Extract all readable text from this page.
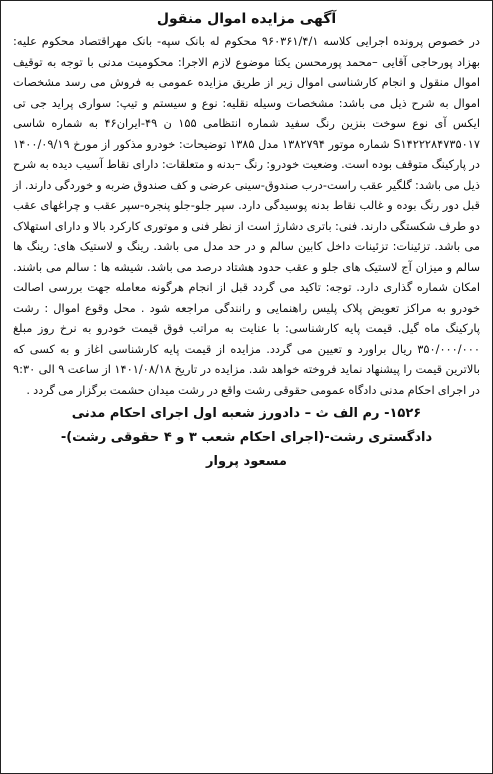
آگهی مزایده اموال منقول
در خصوص پرونده اجرایی کلاسه ۹۶۰۳۶۱/۴/۱ محکوم له بانک سپه- بانک مهراقتصاد محکوم علیه: بهزاد پورحاجی آقایی –محمد پورمحسن یکتا موضوع لازم الاجرا: محکومیت مدنی با توجه به توقیف اموال منقول و انجام کارشناسی اموال زیر از طریق مزایده عمومی به فروش می رسد مشخصات اموال به شرح ذیل می باشد: مشخصات وسیله نقلیه: نوع و سیستم و تیپ: سواری پراید جی تی ایکس آی نوع سوخت بنزین رنگ سفید شماره انتظامی ۱۵۵ ن ۴۹-ایران۴۶ به شماره شاسی S۱۴۲۲۲۸۴۷۳۵۰۱۷ شماره موتور ۱۳۸۲۷۹۴ مدل ۱۳۸۵ توضیحات: خودرو مذکور از مورخ ۱۴۰۰/۰۹/۱۹ در پارکینگ متوقف بوده است. وضعیت خودرو: رنگ –بدنه و متعلقات: دارای نقاط آسیب دیده به شرح ذیل می باشد: گلگیر عقب راست-درب صندوق-سینی عرضی و کف صندوق ضربه و خوردگی دارند. از قبل دور رنگ بوده و غالب نقاط بدنه پوسیدگی دارد. سپر جلو-جلو پنجره-سپر عقب و چراغهای عقب دو طرف شکستگی دارند. فنی: باتری دشارژ است از نظر فنی و موتوری کارکرد بالا و دارای استهلاک می باشد. تزئینات: تزئینات داخل کابین سالم و در حد مدل می باشد. رینگ و لاستیک های: رینگ ها سالم و میزان آج لاستیک های جلو و عقب حدود هشتاد درصد می باشد. شیشه ها : سالم می باشند. امکان شماره گذاری دارد. توجه: تاکید می گردد قبل از انجام هرگونه معامله جهت بررسی اصالت خودرو به مراکز تعویض پلاک پلیس راهنمایی و رانندگی مراجعه شود . محل وقوع اموال : رشت پارکینگ ماه گیل. قیمت پایه کارشناسی: با عنایت به مراتب فوق قیمت خودرو به نرخ روز مبلغ ۳۵۰/۰۰۰/۰۰۰ ریال براورد و تعیین می گردد. مزایده از قیمت پایه کارشناسی اغاز و به کسی که بالاترین قیمت را پیشنهاد نماید فروخته خواهد شد. مزایده در تاریخ ۱۴۰۱/۰۸/۱۸ از ساعت ۹ الی ۹:۳۰ در اجرای احکام مدنی دادگاه عمومی حقوقی رشت واقع در رشت میدان حشمت برگزار می گردد .
۱۵۲۶- رم الف ث – دادورز شعبه اول اجرای احکام مدنی
دادگستری رشت-(اجرای احکام شعب ۳ و ۴ حقوقی رشت)-
مسعود پروار
